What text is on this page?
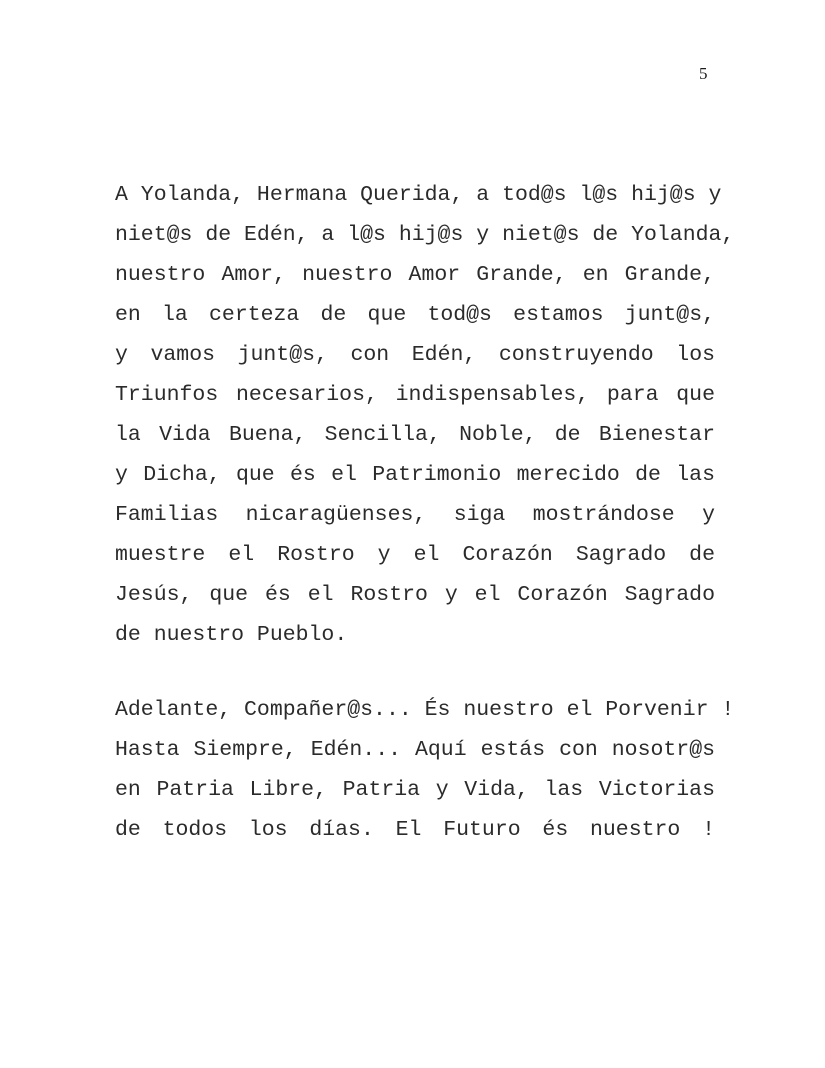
5
A Yolanda, Hermana Querida, a tod@s l@s hij@s y
niet@s de Edén, a l@s hij@s y niet@s de Yolanda,
nuestro Amor, nuestro Amor Grande, en Grande,
en la certeza de que tod@s estamos junt@s,
y vamos junt@s, con Edén, construyendo los
Triunfos necesarios, indispensables, para que
la Vida Buena, Sencilla, Noble, de Bienestar
y Dicha, que és el Patrimonio merecido de las
Familias nicaragüenses, siga mostrándose y
muestre el Rostro y el Corazón Sagrado de
Jesús, que és el Rostro y el Corazón Sagrado
de nuestro Pueblo.
Adelante, Compañer@s... És nuestro el Porvenir !
Hasta Siempre, Edén... Aquí estás con nosotr@s
en Patria Libre, Patria y Vida, las Victorias
de todos los días. El Futuro és nuestro !
